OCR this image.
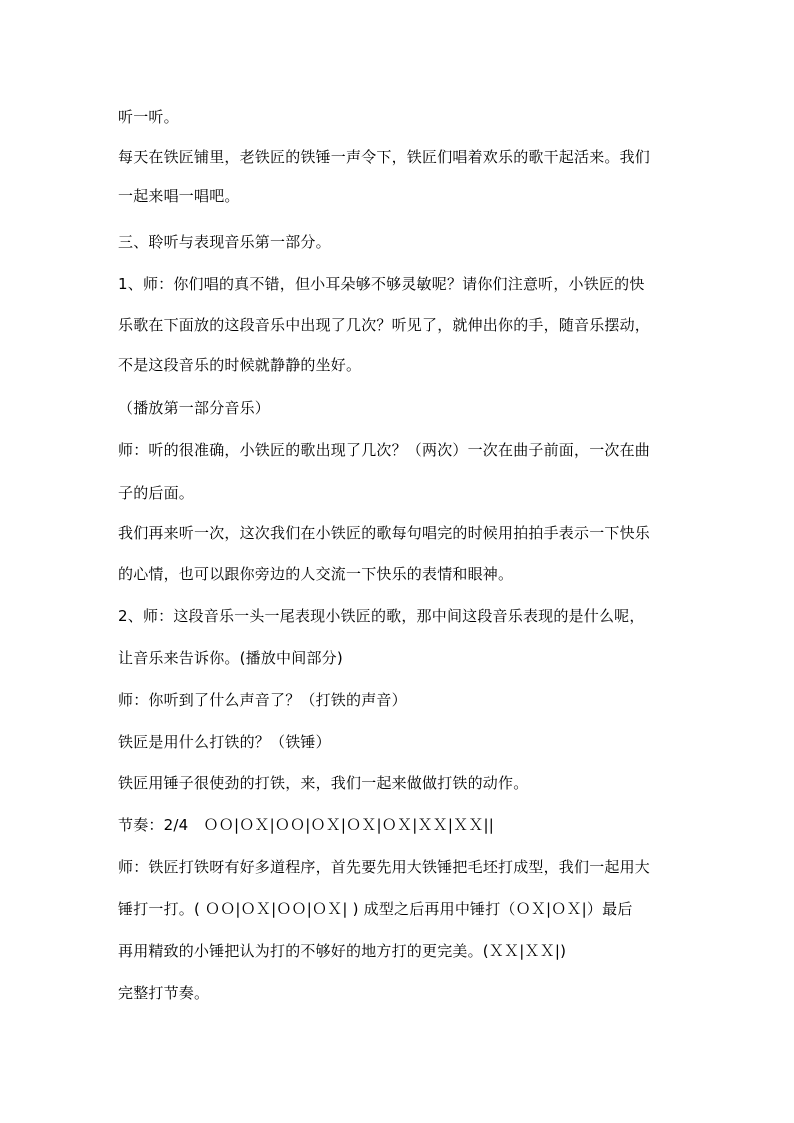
听一听。
每天在铁匠铺里，老铁匠的铁锤一声令下，铁匠们唱着欢乐的歌干起活来。我们
一起来唱一唱吧。
三、聆听与表现音乐第一部分。
1、师：你们唱的真不错，但小耳朵够不够灵敏呢？请你们注意听，小铁匠的快
乐歌在下面放的这段音乐中出现了几次？听见了，就伸出你的手，随音乐摆动，
不是这段音乐的时候就静静的坐好。
（播放第一部分音乐）
师：听的很准确，小铁匠的歌出现了几次？（两次）一次在曲子前面，一次在曲
子的后面。
我们再来听一次，这次我们在小铁匠的歌每句唱完的时候用拍拍手表示一下快乐
的心情，也可以跟你旁边的人交流一下快乐的表情和眼神。
2、师：这段音乐一头一尾表现小铁匠的歌，那中间这段音乐表现的是什么呢，
让音乐来告诉你。(播放中间部分)
师：你听到了什么声音了？（打铁的声音）
铁匠是用什么打铁的？（铁锤）
铁匠用锤子很使劲的打铁，来，我们一起来做做打铁的动作。
节奏：2/4　ＯＯ|ＯＸ|ＯＯ|ＯＸ|ＯＸ|ＯＸ|ＸＸ|ＸＸ||
师：铁匠打铁呀有好多道程序，首先要先用大铁锤把毛坯打成型，我们一起用大
锤打一打。( ＯＯ|ＯＸ|ＯＯ|ＯＸ| ) 成型之后再用中锤打（ＯＸ|ＯＸ|）最后
再用精致的小锤把认为打的不够好的地方打的更完美。(ＸＸ|ＸＸ|)
完整打节奏。
